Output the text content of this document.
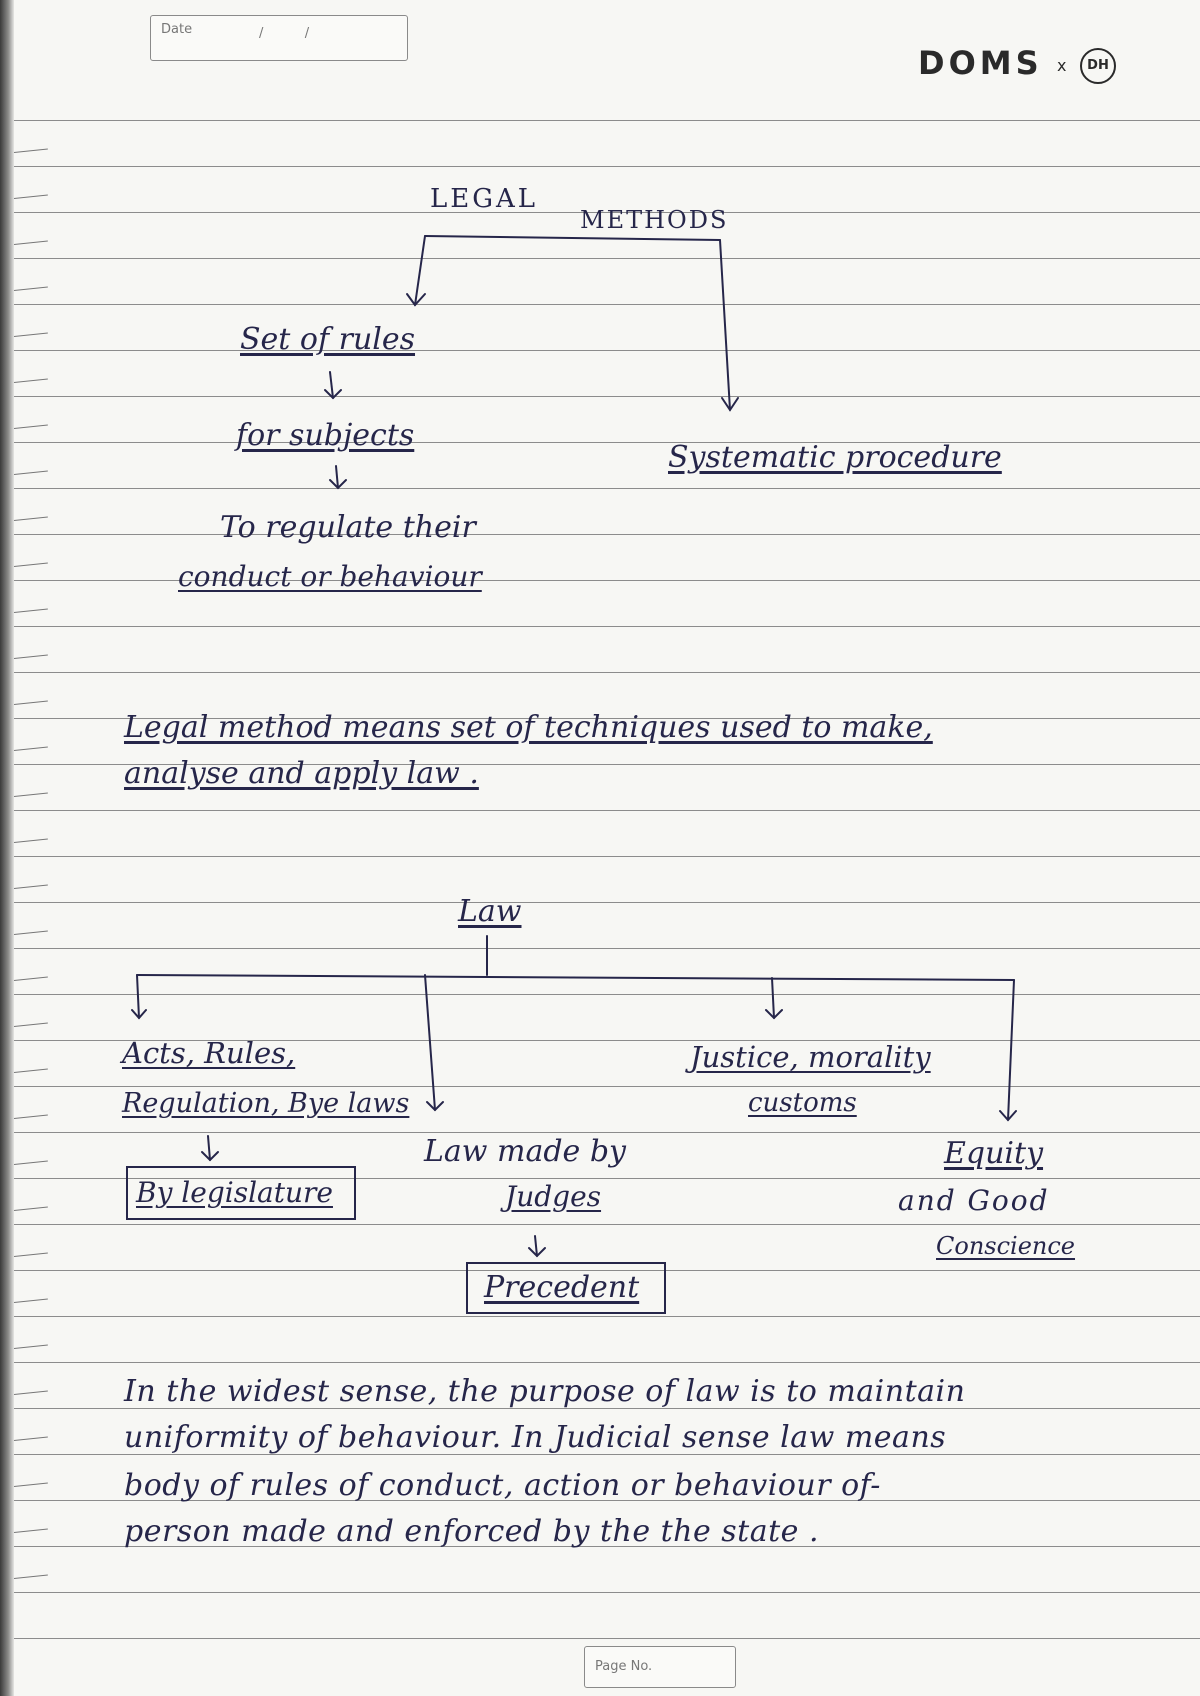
Date	/          /
DOMS x	DH
LEGAL
METHODS
Set of rules
for subjects
Systematic procedure
To regulate their
conduct or behaviour
Legal method means set of techniques used to make,
analyse and apply law .
Law
Acts, Rules,
Regulation, Bye laws
By legislature
Law made by
Judges
Precedent
Justice, morality
customs
Equity
and Good
Conscience
In the widest sense, the purpose of law is to maintain
uniformity of behaviour. In Judicial sense law means
body of rules of conduct, action or behaviour of-
person made and enforced by the the state .
Page No.
